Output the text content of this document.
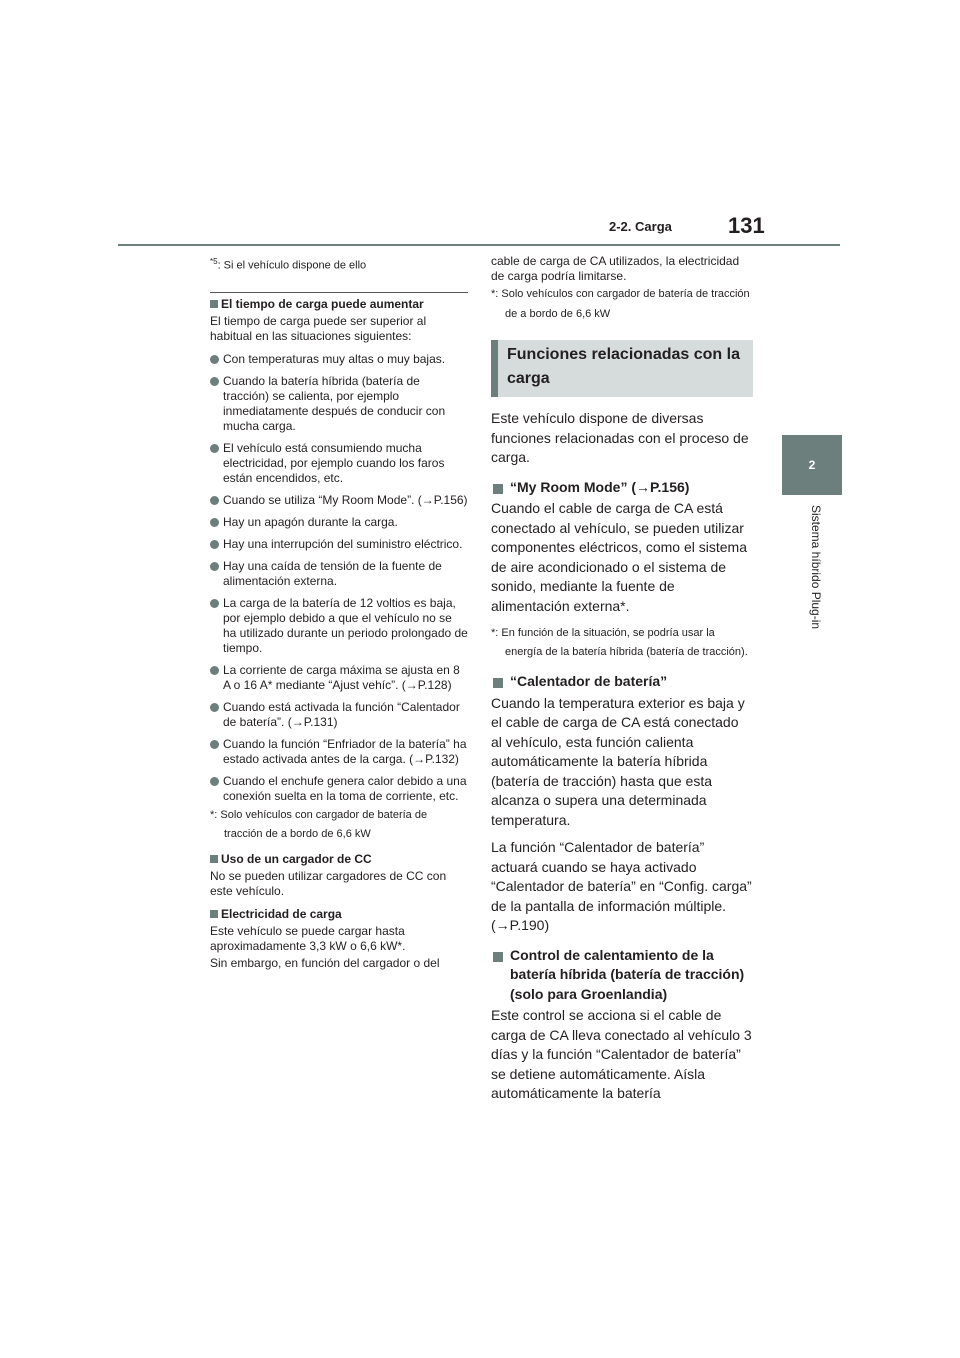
2-2. Carga	131
2
Sistema híbrido Plug-in

$^{*5}$: Si el vehículo dispone de ello

El tiempo de carga puede aumentar

El tiempo de carga puede ser superior al habitual en las situaciones siguientes:

Con temperaturas muy altas o muy bajas.
Cuando la batería híbrida (batería de tracción) se calienta, por ejemplo inmediatamente después de conducir con mucha carga.
El vehículo está consumiendo mucha electricidad, por ejemplo cuando los faros están encendidos, etc.
Cuando se utiliza “My Room Mode”. (→P.156)
Hay un apagón durante la carga.
Hay una interrupción del suministro eléctrico.
Hay una caída de tensión de la fuente de alimentación externa.
La carga de la batería de 12 voltios es baja, por ejemplo debido a que el vehículo no se ha utilizado durante un periodo prolongado de tiempo.
La corriente de carga máxima se ajusta en 8 A o 16 A* mediante “Ajust vehíc”. (→P.128)
Cuando está activada la función “Calentador de batería”. (→P.131)
Cuando la función “Enfriador de la batería” ha estado activada antes de la carga. (→P.132)
Cuando el enchufe genera calor debido a una conexión suelta en la toma de corriente, etc.

*: Solo vehículos con cargador de batería de tracción de a bordo de 6,6 kW

Uso de un cargador de CC

No se pueden utilizar cargadores de CC con este vehículo.

Electricidad de carga

Este vehículo se puede cargar hasta aproximadamente 3,3 kW o 6,6 kW*.

Sin embargo, en función del cargador o del

cable de carga de CA utilizados, la electricidad de carga podría limitarse.

*: Solo vehículos con cargador de batería de tracción de a bordo de 6,6 kW

Funciones relacionadas con la carga

Este vehículo dispone de diversas funciones relacionadas con el proceso de carga.

“My Room Mode” (→P.156)

Cuando el cable de carga de CA está conectado al vehículo, se pueden utilizar componentes eléctricos, como el sistema de aire acondicionado o el sistema de sonido, mediante la fuente de alimentación externa*.

*: En función de la situación, se podría usar la energía de la batería híbrida (batería de tracción).

“Calentador de batería”

Cuando la temperatura exterior es baja y el cable de carga de CA está conectado al vehículo, esta función calienta automáticamente la batería híbrida (batería de tracción) hasta que esta alcanza o supera una determinada temperatura.

La función “Calentador de batería” actuará cuando se haya activado “Calentador de batería” en “Config. carga” de la pantalla de información múltiple. (→P.190)

Control de calentamiento de la batería híbrida (batería de tracción) (solo para Groenlandia)

Este control se acciona si el cable de carga de CA lleva conectado al vehículo 3 días y la función “Calentador de batería” se detiene automáticamente. Aísla automáticamente la batería
